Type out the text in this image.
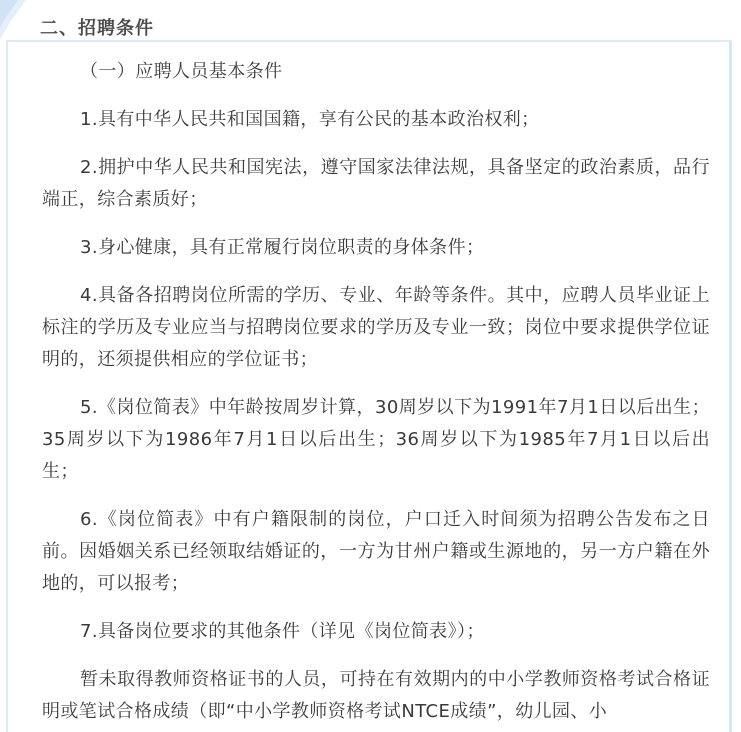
二、招聘条件

（一）应聘人员基本条件

1.具有中华人民共和国国籍，享有公民的基本政治权利；

2.拥护中华人民共和国宪法，遵守国家法律法规，具备坚定的政治素质，品行端正，综合素质好；

3.身心健康，具有正常履行岗位职责的身体条件；

4.具备各招聘岗位所需的学历、专业、年龄等条件。其中，应聘人员毕业证上标注的学历及专业应当与招聘岗位要求的学历及专业一致；岗位中要求提供学位证明的，还须提供相应的学位证书；

5.《岗位简表》中年龄按周岁计算，30周岁以下为1991年7月1日以后出生；35周岁以下为1986年7月1日以后出生；36周岁以下为1985年7月1日以后出生；

6.《岗位简表》中有户籍限制的岗位，户口迁入时间须为招聘公告发布之日前。因婚姻关系已经领取结婚证的，一方为甘州户籍或生源地的，另一方户籍在外地的，可以报考；

7.具备岗位要求的其他条件（详见《岗位简表》）；

暂未取得教师资格证书的人员，可持在有效期内的中小学教师资格考试合格证明或笔试合格成绩（即“中小学教师资格考试NTCE成绩”，幼儿园、小
